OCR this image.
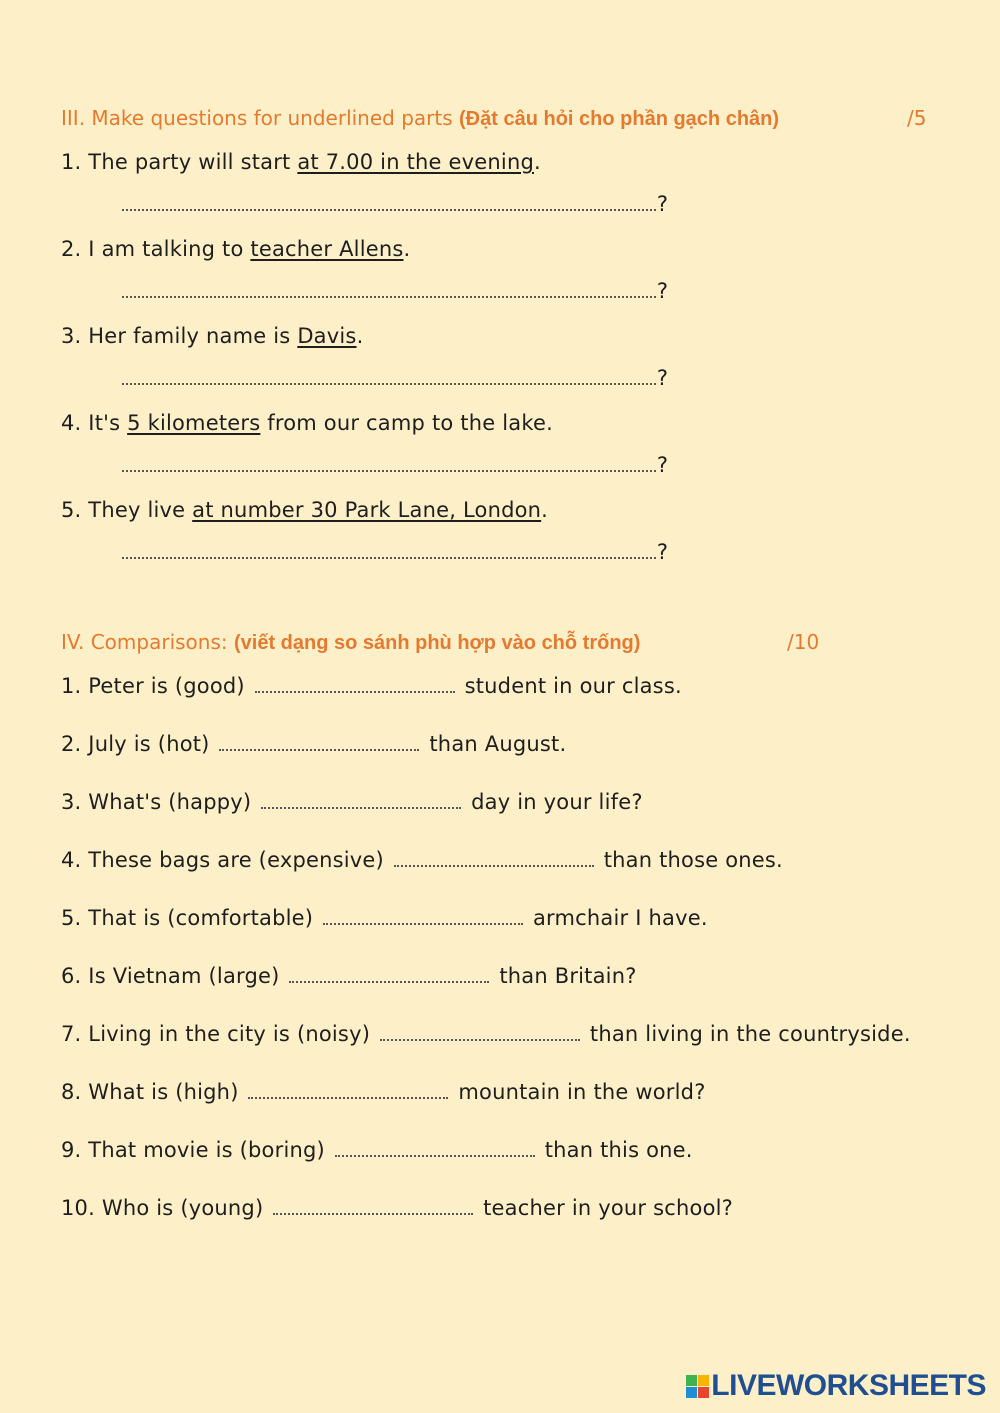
III. Make questions for underlined parts (Đặt câu hỏi cho phần gạch chân)	/5
1. The party will start at 7.00 in the evening.
?
2. I am talking to teacher Allens.
?
3. Her family name is Davis.
?
4. It's 5 kilometers from our camp to the lake.
?
5. They live at number 30 Park Lane, London.
?
IV. Comparisons: (viết dạng so sánh phù hợp vào chỗ trống)	/10
1. Peter is (good)	student in our class.
2. July is (hot)	than August.
3. What's (happy)	day in your life?
4. These bags are (expensive)	than those ones.
5. That is (comfortable)	armchair I have.
6. Is Vietnam (large)	than Britain?
7. Living in the city is (noisy)	than living in the countryside.
8. What is (high)	mountain in the world?
9. That movie is (boring)	than this one.
10. Who is (young)	teacher in your school?
LIVEWORKSHEETS
